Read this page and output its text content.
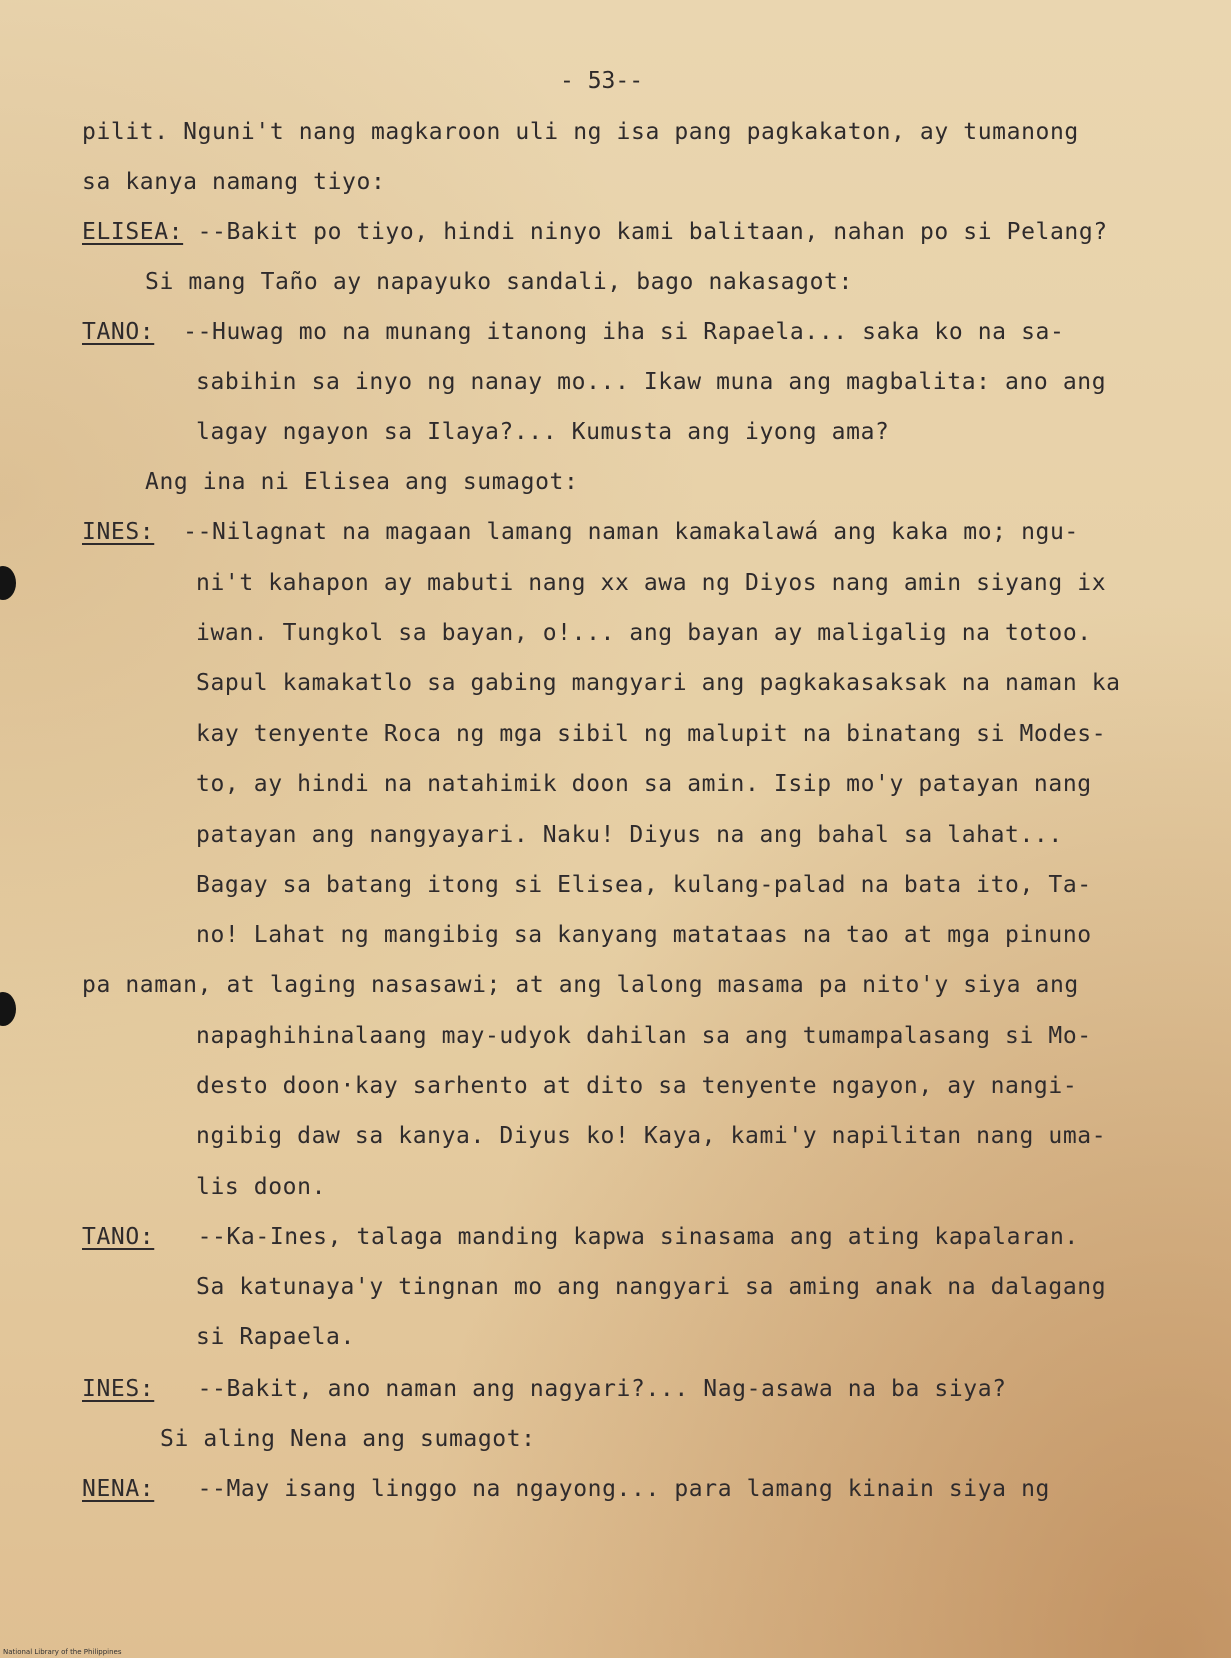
- 53--
pilit. Nguni't nang magkaroon uli ng isa pang pagkakaton, ay tumanong
sa kanya namang tiyo:
ELISEA: --Bakit po tiyo, hindi ninyo kami balitaan, nahan po si Pelang?
Si mang Taño ay napayuko sandali, bago nakasagot:
TANO:  --Huwag mo na munang itanong iha si Rapaela... saka ko na sa-
sabihin sa inyo ng nanay mo... Ikaw muna ang magbalita: ano ang
lagay ngayon sa Ilaya?... Kumusta ang iyong ama?
Ang ina ni Elisea ang sumagot:
INES:  --Nilagnat na magaan lamang naman kamakalawá ang kaka mo; ngu-
ni't kahapon ay mabuti nang xx awa ng Diyos nang amin siyang ix
iwan. Tungkol sa bayan, o!... ang bayan ay maligalig na totoo.
Sapul kamakatlo sa gabing mangyari ang pagkakasaksak na naman ka
kay tenyente Roca ng mga sibil ng malupit na binatang si Modes-
to, ay hindi na natahimik doon sa amin. Isip mo'y patayan nang
patayan ang nangyayari. Naku! Diyus na ang bahal sa lahat...
Bagay sa batang itong si Elisea, kulang-palad na bata ito, Ta-
no! Lahat ng mangibig sa kanyang matataas na tao at mga pinuno
pa naman, at laging nasasawi; at ang lalong masama pa nito'y siya ang
napaghihinalaang may-udyok dahilan sa ang tumampalasang si Mo-
desto doon·kay sarhento at dito sa tenyente ngayon, ay nangi-
ngibig daw sa kanya. Diyus ko! Kaya, kami'y napilitan nang uma-
lis doon.
TANO:   --Ka-Ines, talaga manding kapwa sinasama ang ating kapalaran.
Sa katunaya'y tingnan mo ang nangyari sa aming anak na dalagang
si Rapaela.
INES:   --Bakit, ano naman ang nagyari?... Nag-asawa na ba siya?
Si aling Nena ang sumagot:
NENA:   --May isang linggo na ngayong... para lamang kinain siya ng
National Library of the Philippines
